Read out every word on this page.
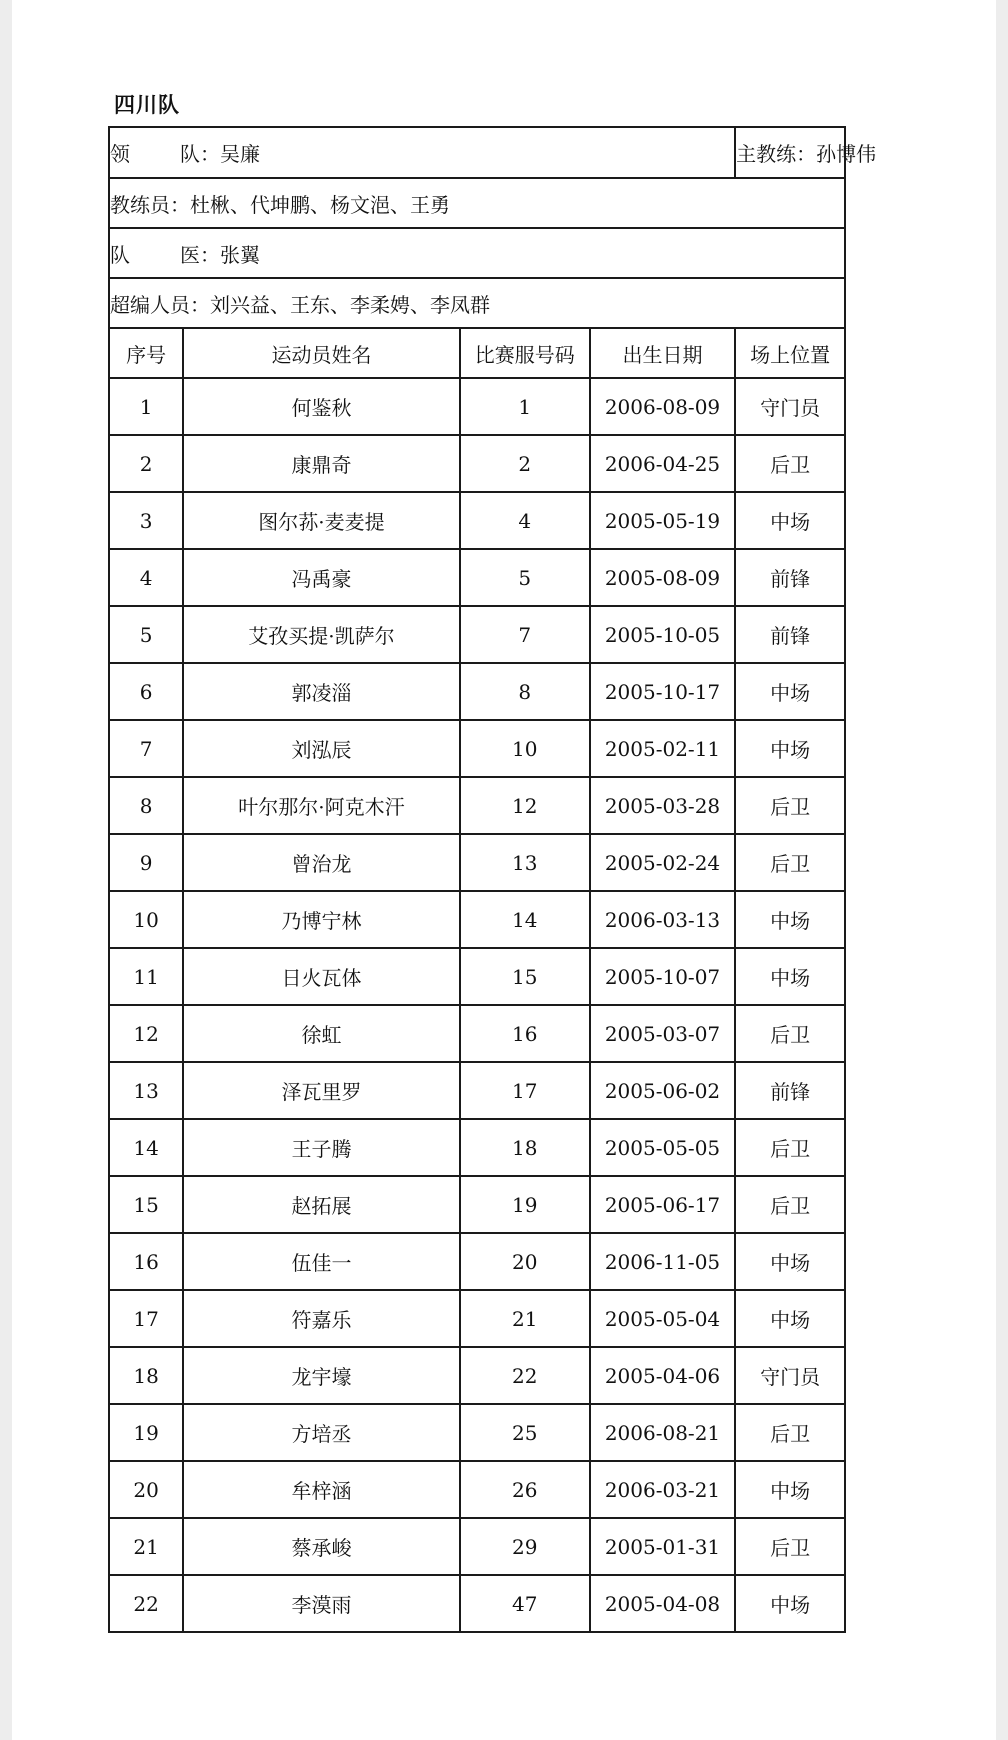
四川队
领 队：吴廉				主教练：孙博伟
教练员：杜楸、代坤鹏、杨文浥、王勇				
队 医：张翼				
超编人员：刘兴益、王东、李柔娉、李凤群				
序号	运动员姓名	比赛服号码	出生日期	场上位置
1	何鉴秋	1	2006-08-09	守门员
2	康鼎奇	2	2006-04-25	后卫
3	图尔荪·麦麦提	4	2005-05-19	中场
4	冯禹豪	5	2005-08-09	前锋
5	艾孜买提·凯萨尔	7	2005-10-05	前锋
6	郭凌淄	8	2005-10-17	中场
7	刘泓辰	10	2005-02-11	中场
8	叶尔那尔·阿克木汗	12	2005-03-28	后卫
9	曾治龙	13	2005-02-24	后卫
10	乃博宁林	14	2006-03-13	中场
11	日火瓦体	15	2005-10-07	中场
12	徐虹	16	2005-03-07	后卫
13	泽瓦里罗	17	2005-06-02	前锋
14	王子腾	18	2005-05-05	后卫
15	赵拓展	19	2005-06-17	后卫
16	伍佳一	20	2006-11-05	中场
17	符嘉乐	21	2005-05-04	中场
18	龙宇壕	22	2005-04-06	守门员
19	方培丞	25	2006-08-21	后卫
20	牟梓涵	26	2006-03-21	中场
21	蔡承峻	29	2005-01-31	后卫
22	李漠雨	47	2005-04-08	中场
